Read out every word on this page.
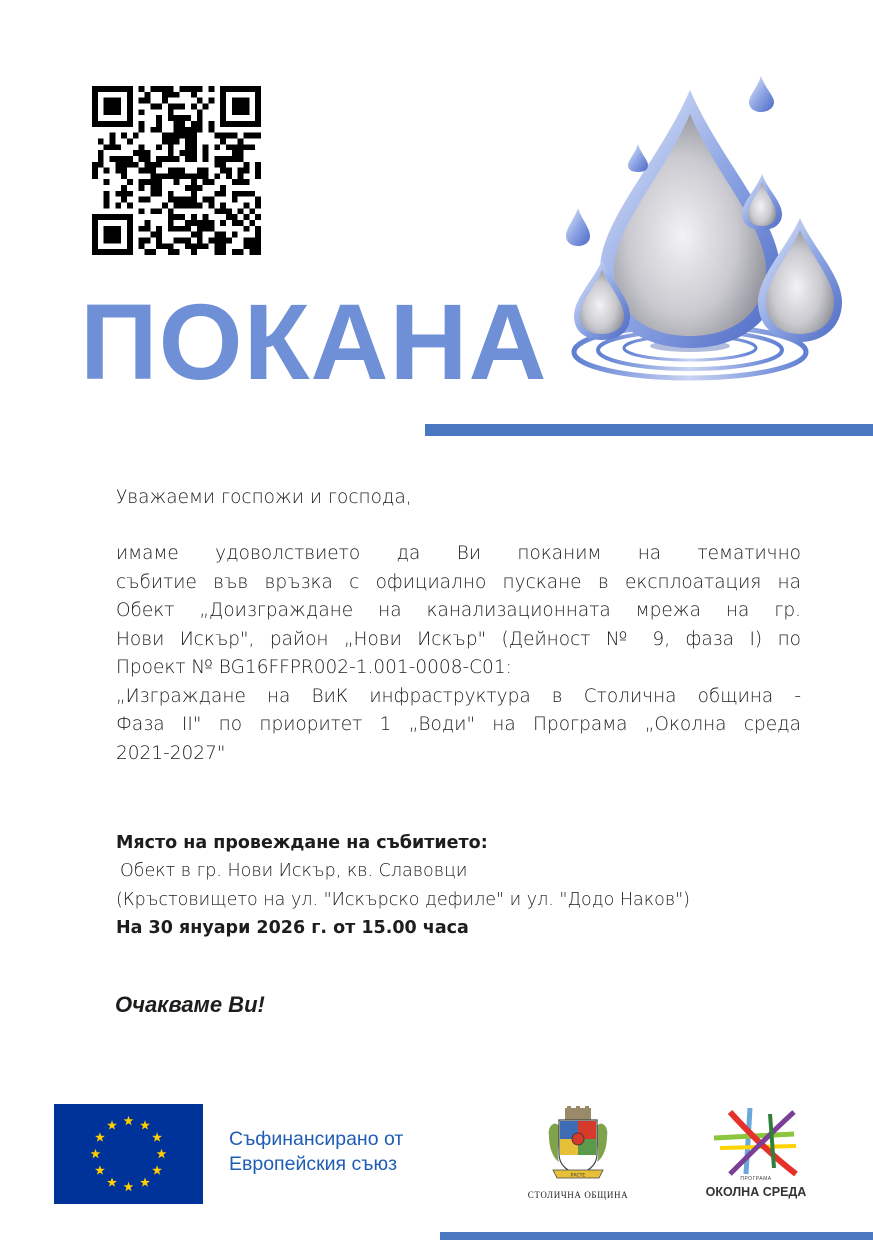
ПОКАНА
Уважаеми госпожи и господа,
имаме удоволствието да Ви поканим на тематично
събитие във връзка с официално пускане в експлоатация на
Обект „Доизграждане на канализационната мрежа на гр.
Нови Искър", район „Нови Искър" (Дейност № 9, фаза I) по
Проект № BG16FFPR002-1.001-0008-C01:
„Изграждане на ВиК инфраструктура в Столична община -
Фаза II" по приоритет 1 „Води" на Програма „Околна среда
2021-2027"
Място на провеждане на събитието:
Обект в гр. Нови Искър, кв. Славовци
(Кръстовището на ул. "Искърско дефиле" и ул. "Додо Наков")
На 30 януари 2026 г. от 15.00 часа
Очакваме Ви!
Съфинансирано от
Европейския съюз
РАСТЕ
СТОЛИЧНА ОБЩИНА
ПРОГРАМА
ОКОЛНА СРЕДА
